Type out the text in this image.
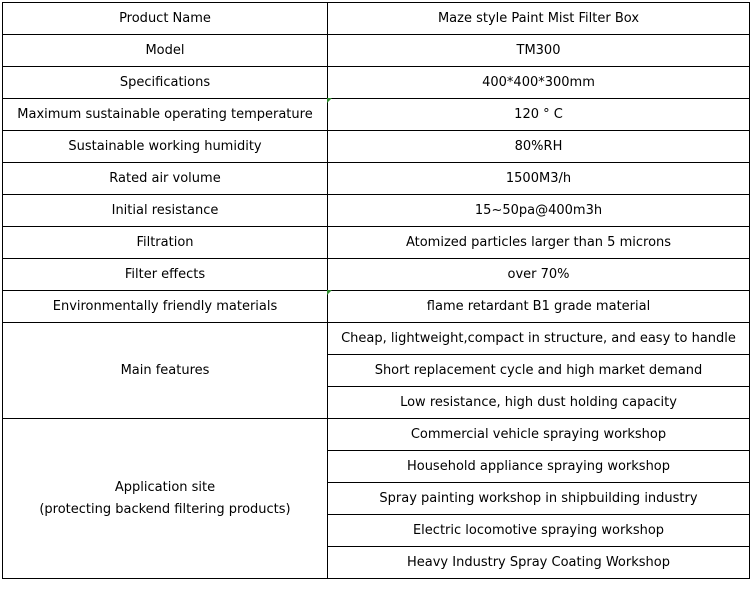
Product Name	Maze style Paint Mist Filter Box
Model	TM300
Specifications	400*400*300mm
Maximum sustainable operating temperature	120 ° C
Sustainable working humidity	80%RH
Rated air volume	1500M3/h
Initial resistance	15~50pa@400m3h
Filtration	Atomized particles larger than 5 microns
Filter effects	over 70%
Environmentally friendly materials	flame retardant B1 grade material
Main features	Cheap, lightweight,compact in structure, and easy to handle
	Short replacement cycle and high market demand
	Low resistance, high dust holding capacity

Application site
(protecting backend filtering products)	Commercial vehicle spraying workshop
	Household appliance spraying workshop
	Spray painting workshop in shipbuilding industry
	Electric locomotive spraying workshop
	Heavy Industry Spray Coating Workshop
